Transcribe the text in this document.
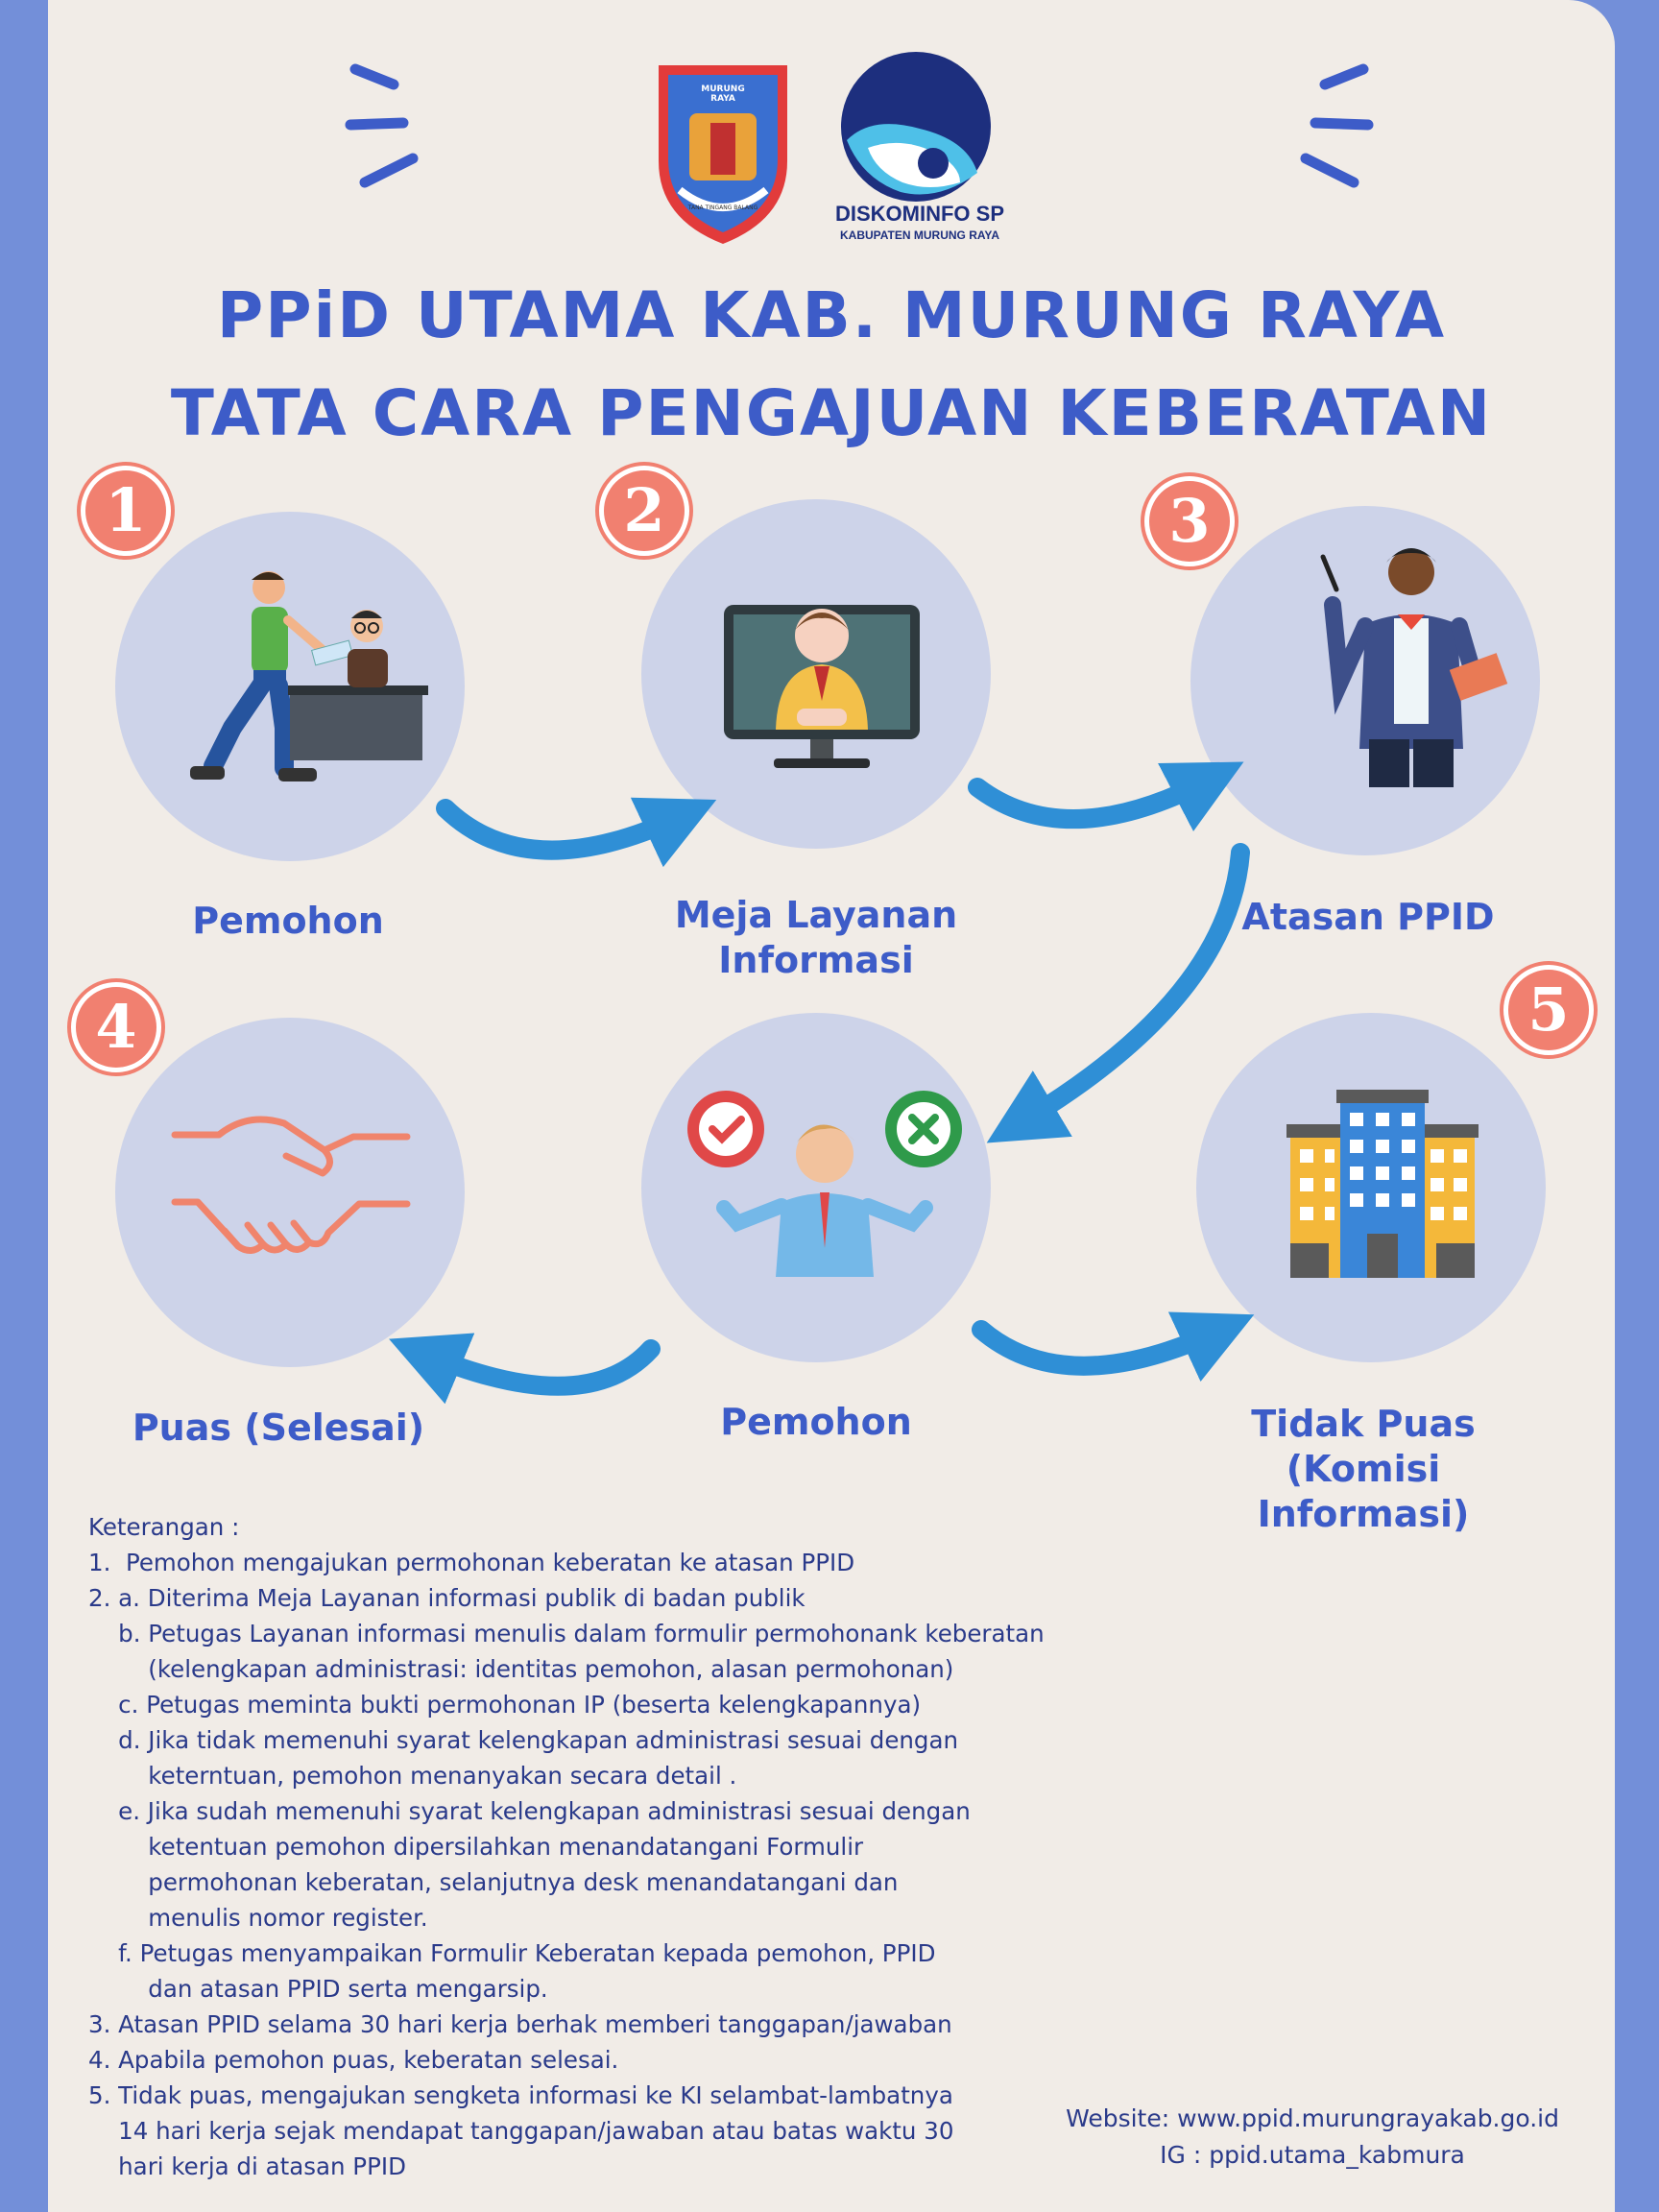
MURUNG RAYA
TANA TINGANG BALANG	DISKOMINFO SP
KABUPATEN MURUNG RAYA
PPiD UTAMA KAB. MURUNG RAYA
TATA CARA PENGAJUAN KEBERATAN
1	2	3
4	5
Pemohon	Meja Layanan
Informasi
Atasan PPID
Puas (Selesai)	Pemohon	Tidak Puas
(Komisi
Informasi)
Keterangan :
1.  Pemohon mengajukan permohonan keberatan ke atasan PPID
2. a. Diterima Meja Layanan informasi publik di badan publik
b. Petugas Layanan informasi menulis dalam formulir permohonank keberatan
(kelengkapan administrasi: identitas pemohon, alasan permohonan)
c. Petugas meminta bukti permohonan IP (beserta kelengkapannya)
d. Jika tidak memenuhi syarat kelengkapan administrasi sesuai dengan
keterntuan, pemohon menanyakan secara detail .
e. Jika sudah memenuhi syarat kelengkapan administrasi sesuai dengan
ketentuan pemohon dipersilahkan menandatangani Formulir
permohonan keberatan, selanjutnya desk menandatangani dan
menulis nomor register.
f. Petugas menyampaikan Formulir Keberatan kepada pemohon, PPID
dan atasan PPID serta mengarsip.
3. Atasan PPID selama 30 hari kerja berhak memberi tanggapan/jawaban
4. Apabila pemohon puas, keberatan selesai.
5. Tidak puas, mengajukan sengketa informasi ke KI selambat-lambatnya
14 hari kerja sejak mendapat tanggapan/jawaban atau batas waktu 30
hari kerja di atasan PPID
Website: www.ppid.murungrayakab.go.id
IG : ppid.utama_kabmura
